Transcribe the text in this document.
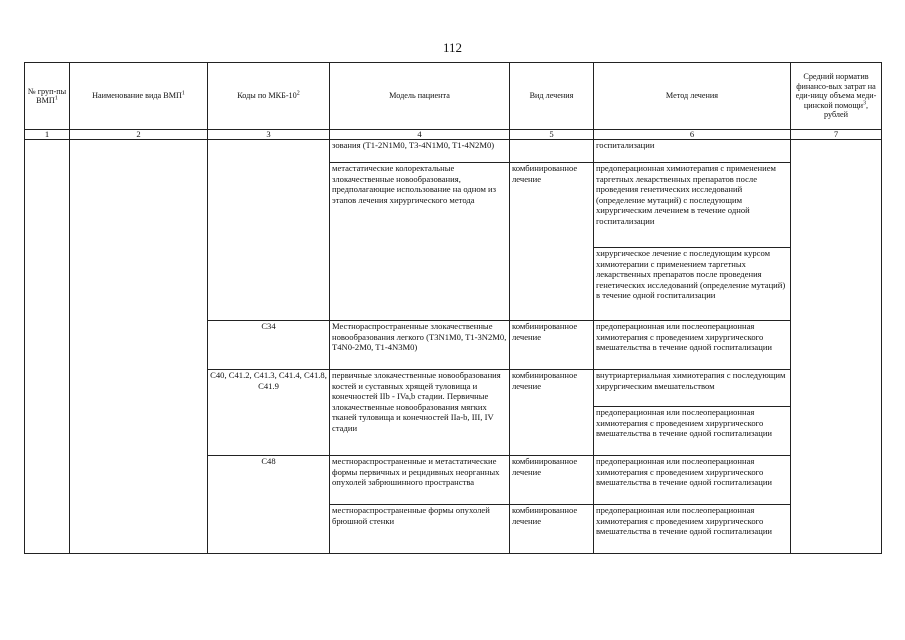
112
№ груп-пы ВМП$^1$	Наименование вида ВМП$^1$	Коды по МКБ-$10^2$	Модель пациента	Вид лечения	Метод лечения	Средний норматив финансо-вых затрат на еди-ницу объема меди-цинской помощи$^3$, рублей
1	2	3	4	5	6	7
			зования (T1-2N1M0, T3-4N1M0, T1-4N2M0)		госпитализации	
			метастатические колоректальные злокачественные новообразования, предполагающие использование на одном из этапов лечения хирургического метода	комбинированное лечение	предоперационная химиотерапия с применением таргетных лекарственных препаратов после проведения генетических исследований (определение мутаций) с последующим хирургическим лечением в течение одной госпитализации	
					хирургическое лечение с последующим курсом химиотерапии с применением таргетных лекарственных препаратов после проведения генетических исследований (определение мутаций) в течение одной госпитализации	
		C34	Местнораспространенные злокачественные новообразования легкого (T3N1M0, T1-3N2M0, T4N0-2M0, T1-4N3M0)	комбинированное лечение	предоперационная или послеоперационная химиотерапия с проведением хирургического вмешательства в течение одной госпитализации	
		C40, C41.2, C41.3, C41.4, C41.8, C41.9	первичные злокачественные новообразования костей и суставных хрящей туловища и конечностей IIb - IVa,b стадии. Первичные злокачественные новообразования мягких тканей туловища и конечностей IIa-b, III, IV стадии	комбинированное лечение	внутриартериальная химиотерапия с последующим хирургическим вмешательством	
					предоперационная или послеоперационная химиотерапия с проведением хирургического вмешательства в течение одной госпитализации	
		C48	местнораспространенные и метастатические формы первичных и рецидивных неорганных опухолей забрюшинного пространства	комбинированное лечение	предоперационная или послеоперационная химиотерапия с проведением хирургического вмешательства в течение одной госпитализации	
			местнораспространенные формы опухолей брюшной стенки	комбинированное лечение	предоперационная или послеоперационная химиотерапия с проведением хирургического вмешательства в течение одной госпитализации	
